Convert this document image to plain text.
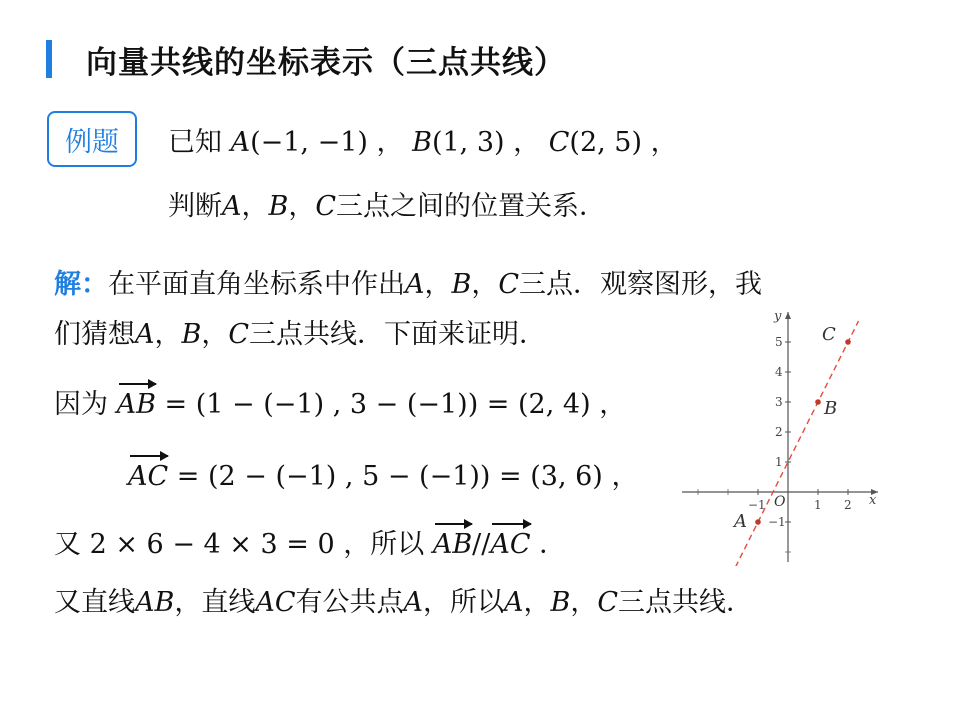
向量共线的坐标表示（三点共线）
例题	已知 A(−1, −1) ， B(1, 3) ， C(2, 5) ，
判断A，B，C三点之间的位置关系．
解：在平面直角坐标系中作出A，B，C三点．观察图形，我
们猜想A，B，C三点共线．下面来证明．
因为 AB = (1 − (−1) , 3 − (−1)) = (2, 4) ，
AC = (2 − (−1) , 5 − (−1)) = (3, 6) ，
又 2 × 6 − 4 × 3 = 0 ，所以 AB//AC ．
又直线AB，直线AC有公共点A，所以A，B，C三点共线．
−1	1 2
−1
1
2
3
4
5
x
y
O
A
B
C
